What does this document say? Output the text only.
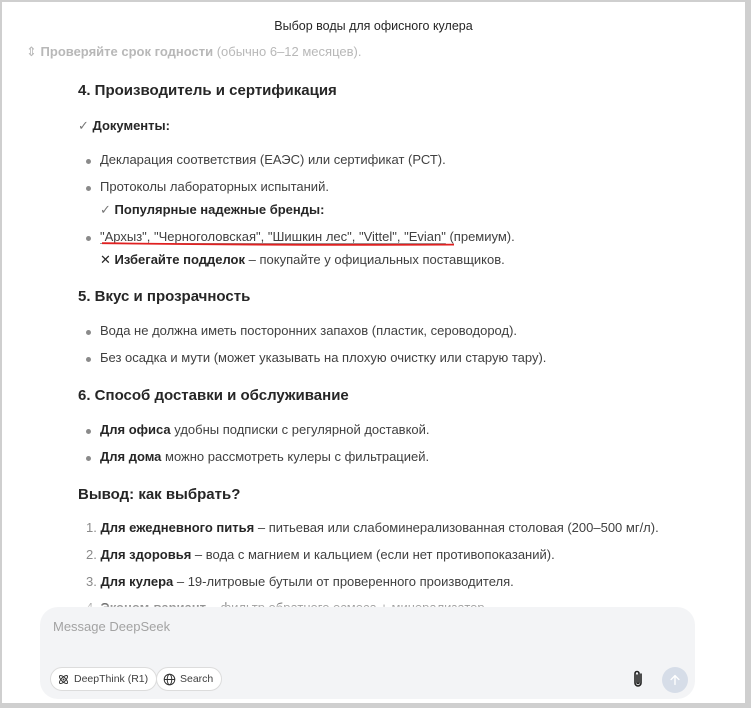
Выбор воды для офисного кулера
⇕ Проверяйте срок годности (обычно 6–12 месяцев).
4. Производитель и сертификация
✓ Документы:
Декларация соответствия (ЕАЭС) или сертификат (РСТ).
Протоколы лабораторных испытаний.
✓ Популярные надежные бренды:
"Архыз", "Черноголовская", "Шишкин лес", "Vittel", "Evian" (премиум).
✕ Избегайте подделок – покупайте у официальных поставщиков.
5. Вкус и прозрачность
Вода не должна иметь посторонних запахов (пластик, сероводород).
Без осадка и мути (может указывать на плохую очистку или старую тару).
6. Способ доставки и обслуживание
Для офиса удобны подписки с регулярной доставкой.
Для дома можно рассмотреть кулеры с фильтрацией.
Вывод: как выбрать?
1. Для ежедневного питья – питьевая или слабоминерализованная столовая (200–500 мг/л).
2. Для здоровья – вода с магнием и кальцием (если нет противопоказаний).
3. Для кулера – 19-литровые бутыли от проверенного производителя.
Message DeepSeek
DeepThink (R1)	Search
